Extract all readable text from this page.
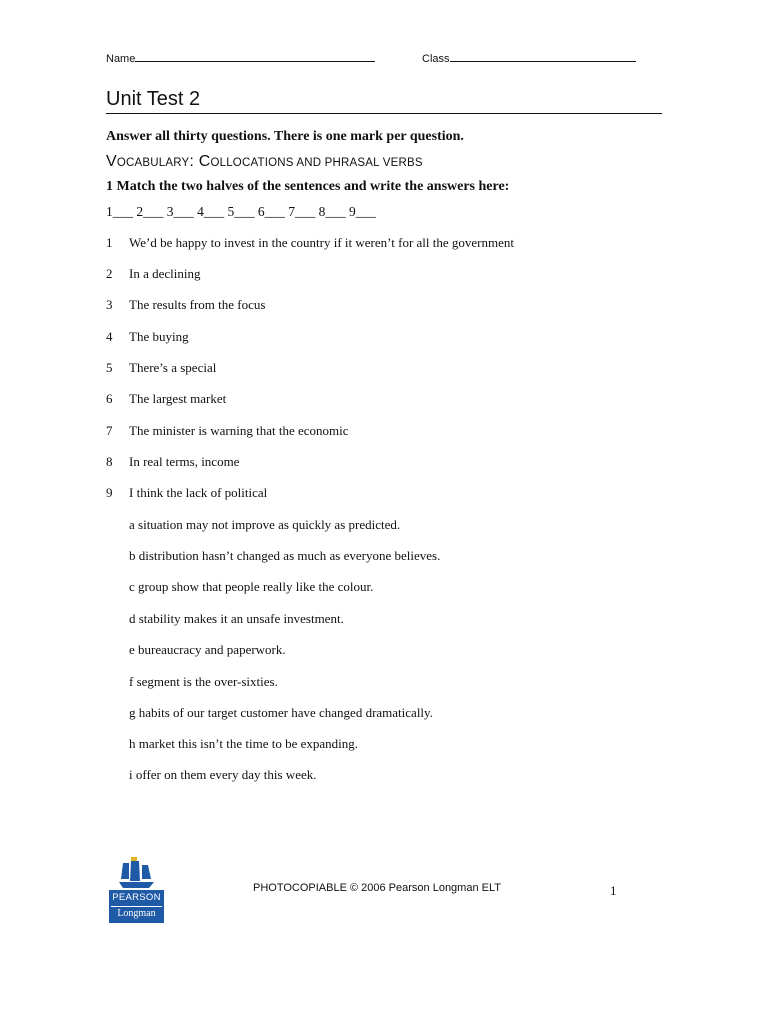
Name	Class
Unit Test 2
Answer all thirty questions. There is one mark per question.
VOCABULARY: COLLOCATIONS AND PHRASAL VERBS
1 Match the two halves of the sentences and write the answers here:
1___ 2___ 3___ 4___ 5___ 6___ 7___ 8___ 9___
1 We’d be happy to invest in the country if it weren’t for all the government
2 In a declining
3 The results from the focus
4 The buying
5 There’s a special
6 The largest market
7 The minister is warning that the economic
8 In real terms, income
9 I think the lack of political
a situation may not improve as quickly as predicted.
b distribution hasn’t changed as much as everyone believes.
c group show that people really like the colour.
d stability makes it an unsafe investment.
e bureaucracy and paperwork.
f segment is the over-sixties.
g habits of our target customer have changed dramatically.
h market this isn’t the time to be expanding.
i offer on them every day this week.
PEARSON
Longman
PHOTOCOPIABLE © 2006 Pearson Longman ELT	1
